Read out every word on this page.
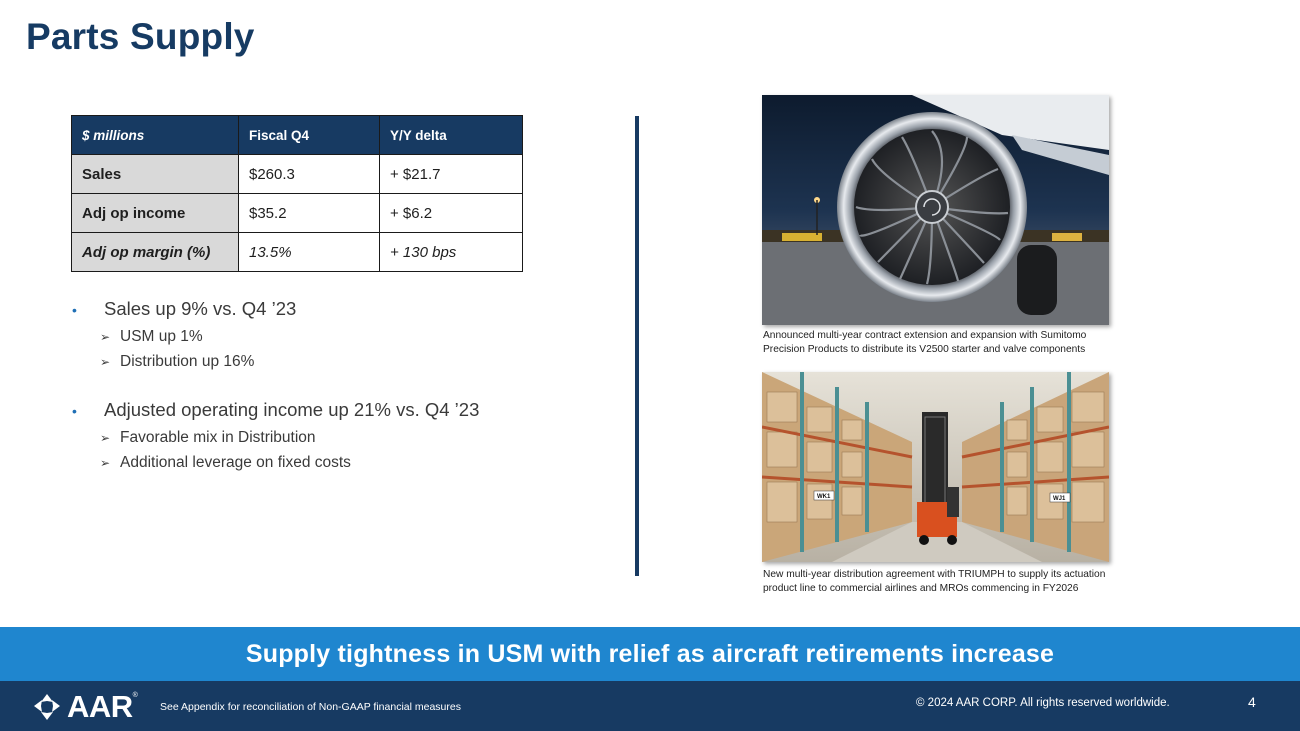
Parts Supply
$ millions	Fiscal Q4	Y/Y delta
Sales	$260.3	+ $21.7
Adj op income	$35.2	+ $6.2
Adj op margin (%)	13.5%	+ 130 bps
•	Sales up 9% vs. Q4 ’23
➢ USM up 1%
➢ Distribution up 16%
•	Adjusted operating income up 21% vs. Q4 ’23
➢ Favorable mix in Distribution
➢ Additional leverage on fixed costs
Announced multi-year contract extension and expansion with Sumitomo
Precision Products to distribute its V2500 starter and valve components
WK1	WJ1
New multi-year distribution agreement with TRIUMPH to supply its actuation
product line to commercial airlines and MROs commencing in FY2026
Supply tightness in USM with relief as aircraft retirements increase
AAR ®
See Appendix for reconciliation of Non-GAAP financial measures	© 2024 AAR CORP. All rights reserved worldwide.	4
